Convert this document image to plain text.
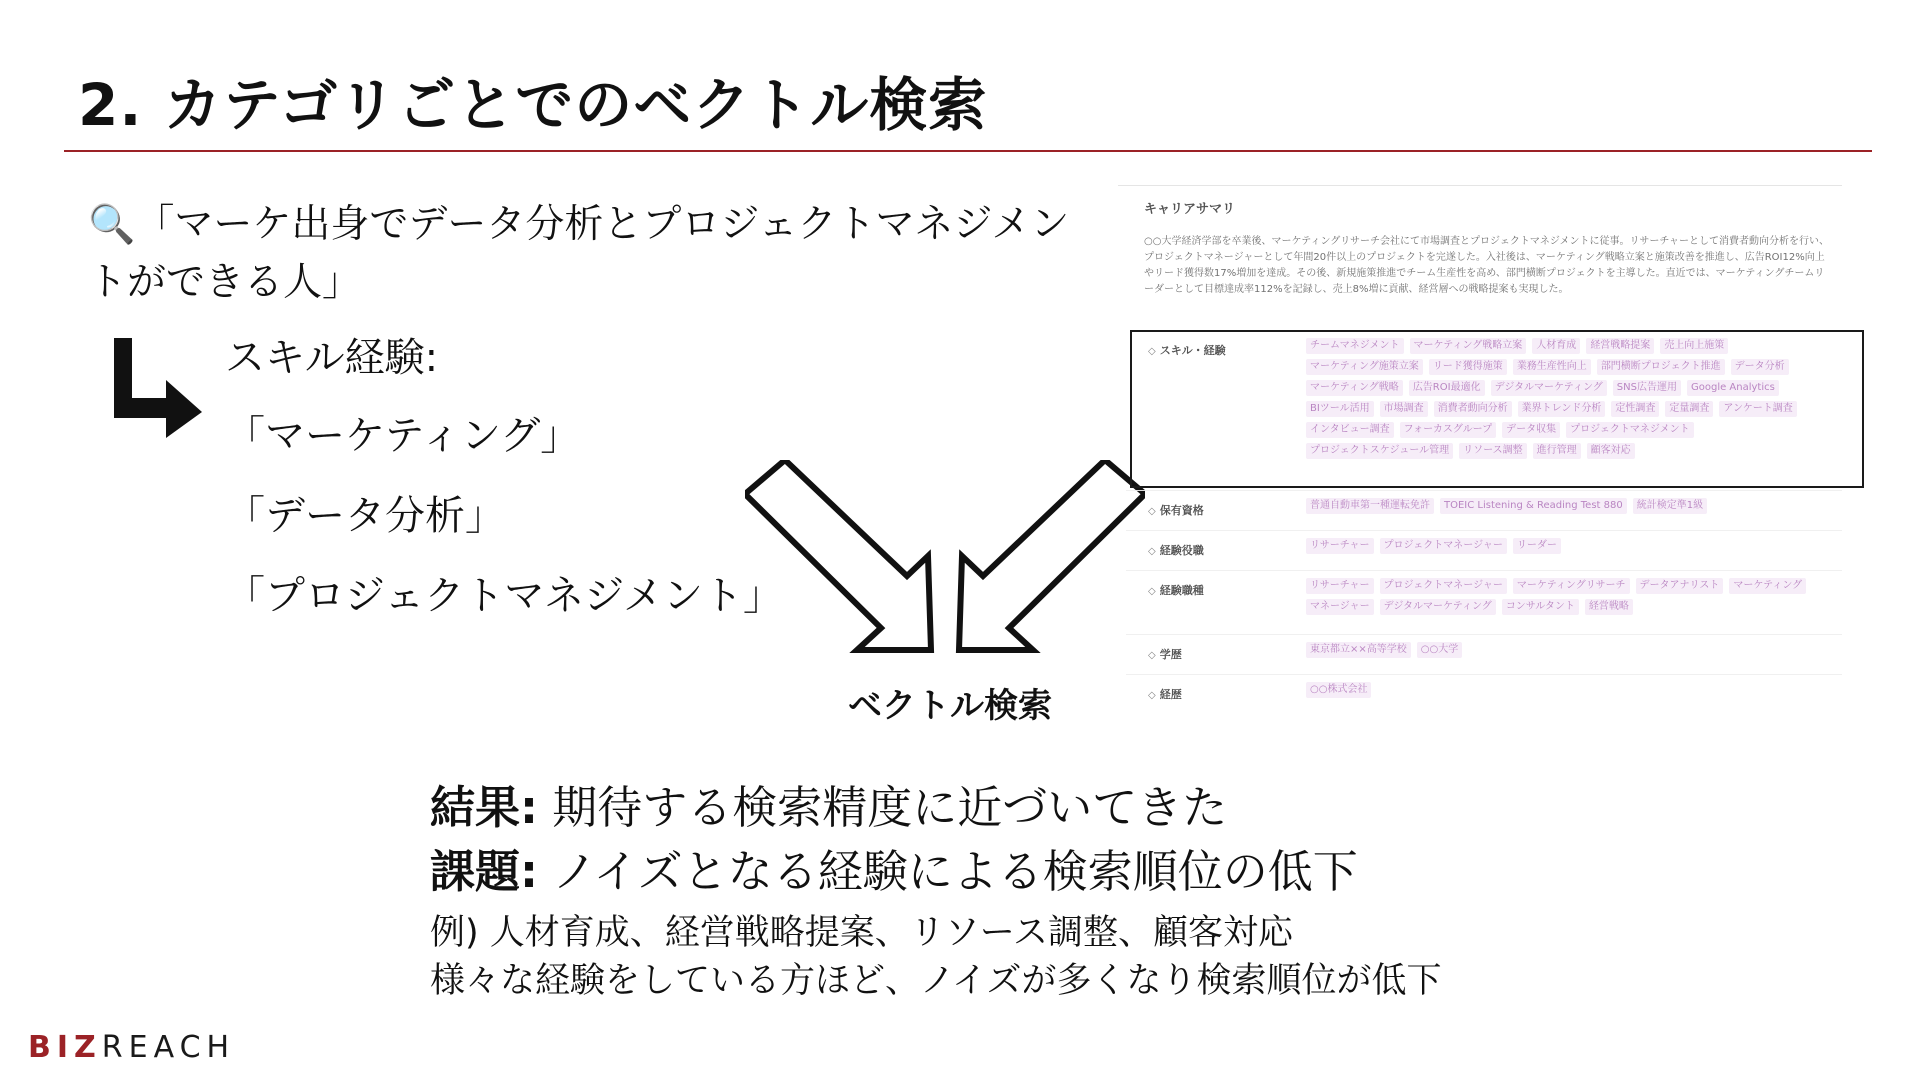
2. カテゴリごとでのベクトル検索
🔍「マーケ出身でデータ分析とプロジェクトマネジメントができる人」
スキル経験:
「マーケティング」
「データ分析」
「プロジェクトマネジメント」
ベクトル検索
キャリアサマリ
○○大学経済学部を卒業後、マーケティングリサーチ会社にて市場調査とプロジェクトマネジメントに従事。リサーチャーとして消費者動向分析を行い、プロジェクトマネージャーとして年間20件以上のプロジェクトを完遂した。入社後は、マーケティング戦略立案と施策改善を推進し、広告ROI12%向上やリード獲得数17%増加を達成。その後、新規施策推進でチーム生産性を高め、部門横断プロジェクトを主導した。直近では、マーケティングチームリーダーとして目標達成率112%を記録し、売上8%増に貢献、経営層への戦略提案も実現した。
◇ スキル・経験	チームマネジメント	マーケティング戦略立案	人材育成	経営戦略提案	売上向上施策
マーケティング施策立案	リード獲得施策	業務生産性向上	部門横断プロジェクト推進	データ分析
マーケティング戦略	広告ROI最適化	デジタルマーケティング	SNS広告運用	Google Analytics
BIツール活用	市場調査	消費者動向分析	業界トレンド分析	定性調査	定量調査	アンケート調査
インタビュー調査	フォーカスグループ	データ収集	プロジェクトマネジメント
プロジェクトスケジュール管理	リソース調整	進行管理	顧客対応
◇ 保有資格	普通自動車第一種運転免許	TOEIC Listening & Reading Test 880	統計検定準1級
◇ 経験役職	リサーチャー	プロジェクトマネージャー	リーダー
◇ 経験職種	リサーチャー	プロジェクトマネージャー	マーケティングリサーチ	データアナリスト	マーケティング
マネージャー	デジタルマーケティング	コンサルタント	経営戦略
◇ 学歴	東京都立××高等学校	○○大学
◇ 経歴	○○株式会社
結果: 期待する検索精度に近づいてきた
課題: ノイズとなる経験による検索順位の低下
例) 人材育成、経営戦略提案、リソース調整、顧客対応
様々な経験をしている方ほど、ノイズが多くなり検索順位が低下
BIZREACH
